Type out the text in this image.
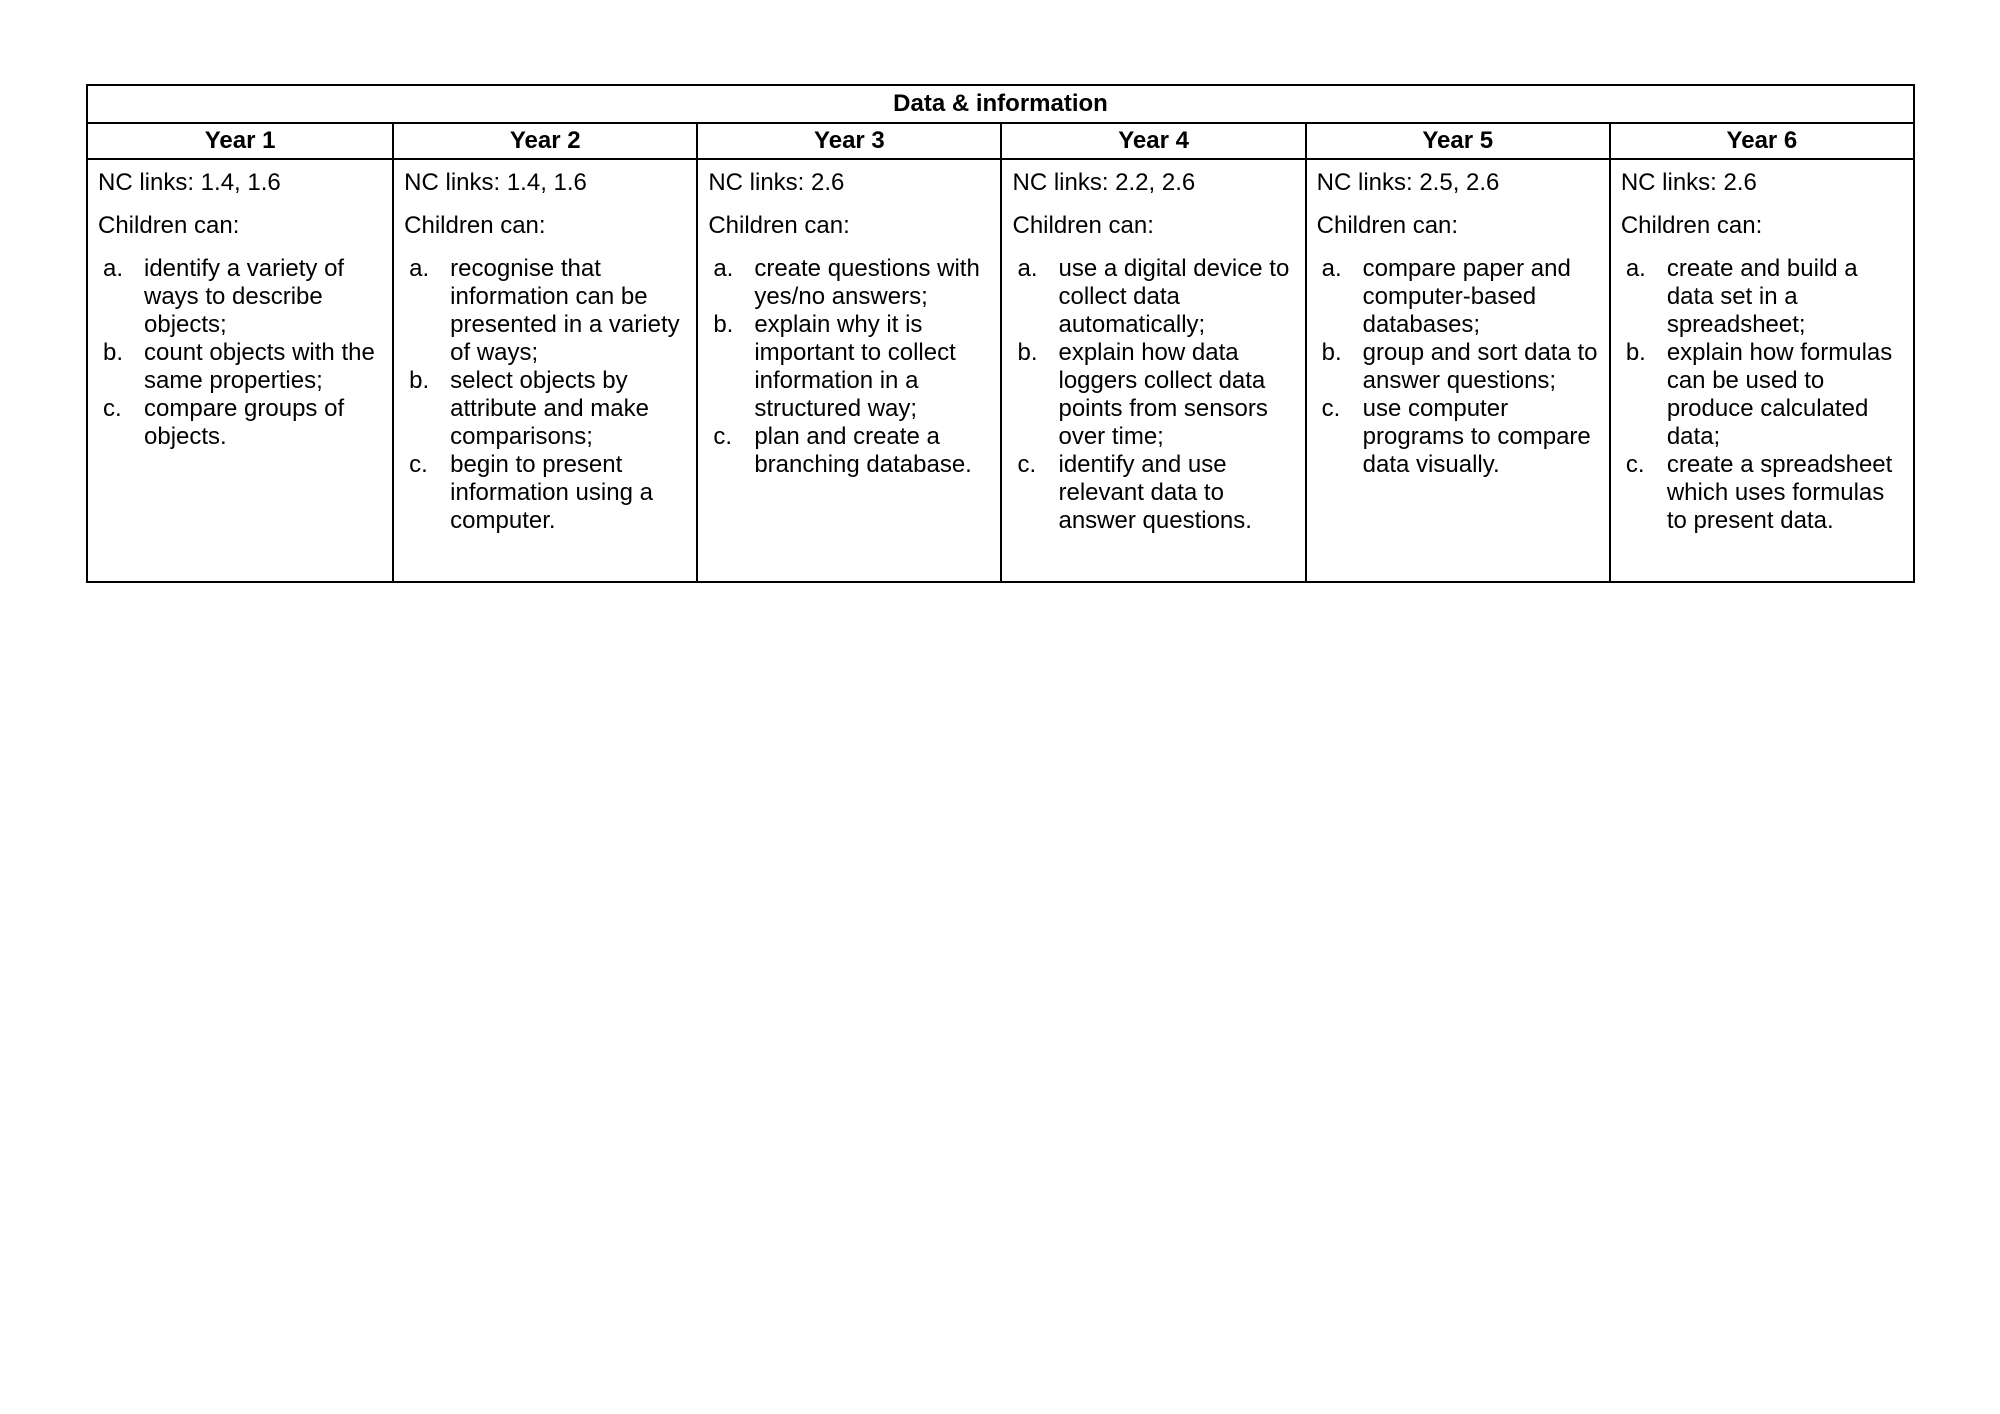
Data & information
Year 1	Year 2	Year 3	Year 4	Year 5	Year 6

NC links: 1.4, 1.6

Children can:

a. identify a variety of ways to describe objects;
b. count objects with the same properties;
c. compare groups of objects.

NC links: 1.4, 1.6

Children can:

a. recognise that information can be presented in a variety of ways;
b. select objects by attribute and make comparisons;
c. begin to present information using a computer.

NC links: 2.6

Children can:

a. create questions with yes/no answers;
b. explain why it is important to collect information in a structured way;
c. plan and create a branching database.

NC links: 2.2, 2.6

Children can:

a. use a digital device to collect data automatically;
b. explain how data loggers collect data points from sensors over time;
c. identify and use relevant data to answer questions.

NC links: 2.5, 2.6

Children can:

a. compare paper and computer-based databases;
b. group and sort data to answer questions;
c. use computer programs to compare data visually.

NC links: 2.6

Children can:

a. create and build a data set in a spreadsheet;
b. explain how formulas can be used to produce calculated data;
c. create a spreadsheet which uses formulas to present data.
